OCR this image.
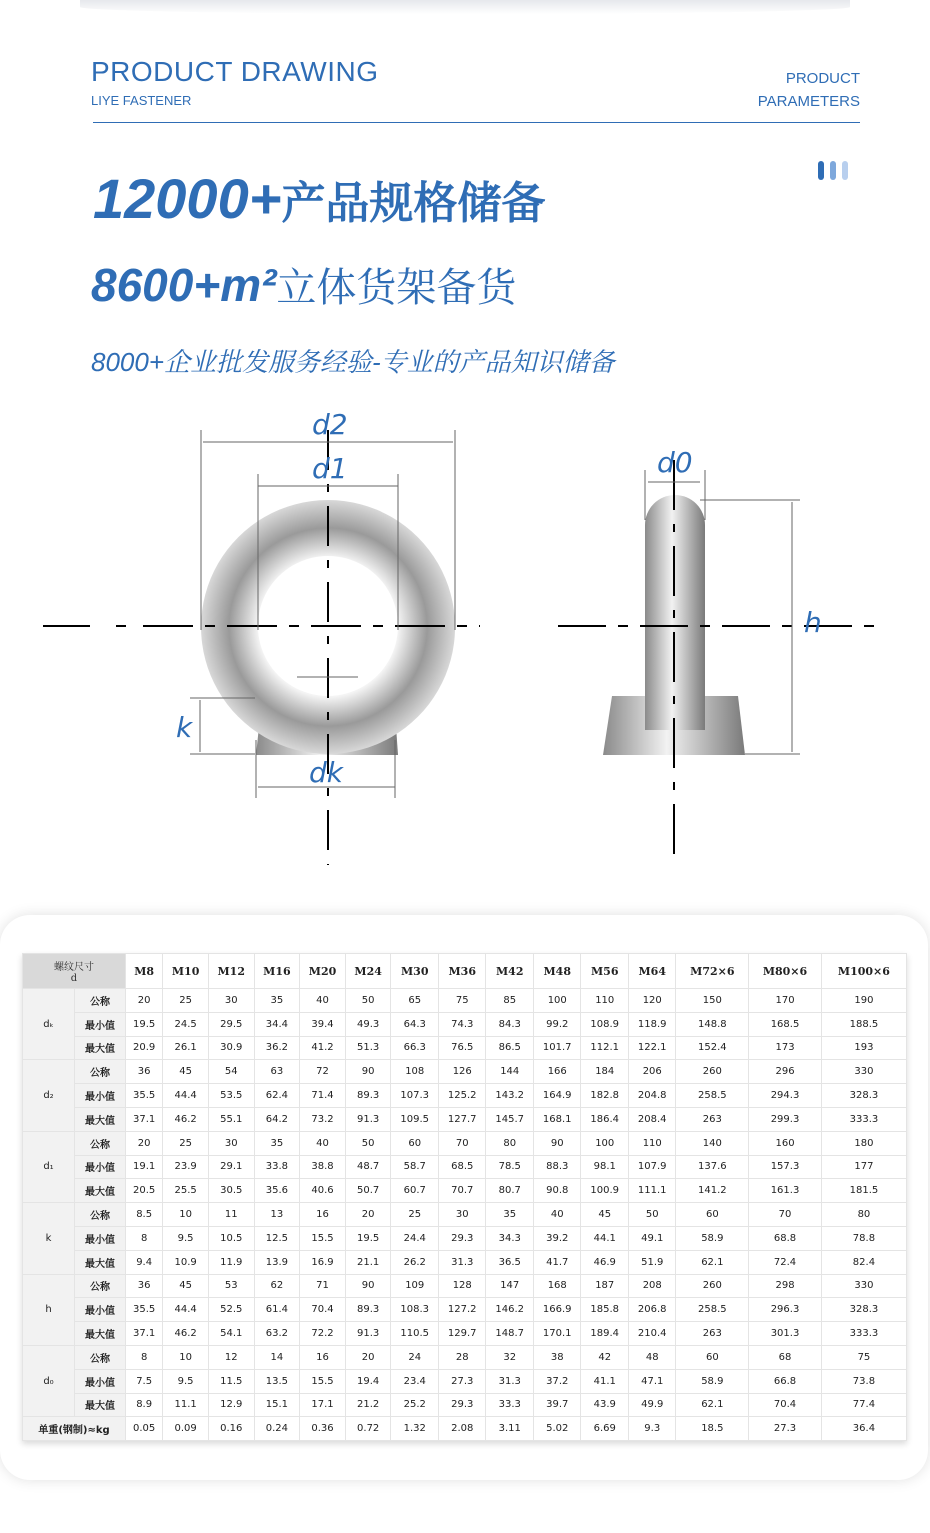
PRODUCT DRAWING
LIYE FASTENER
PRODUCT
PARAMETERS
12000+产品规格储备
8600+m²立体货架备货
8000+企业批发服务经验-专业的产品知识储备
d2
d1
k
dk
d0
h
螺纹尺寸
d		M8	M10	M12	M16	M20	M24	M30	M36	M42	M48	M56	M64	M72×6	M80×6	M100×6
dₖ	公称	20	25	30	35	40	50	65	75	85	100	110	120	150	170	190
	最小值	19.5	24.5	29.5	34.4	39.4	49.3	64.3	74.3	84.3	99.2	108.9	118.9	148.8	168.5	188.5
	最大值	20.9	26.1	30.9	36.2	41.2	51.3	66.3	76.5	86.5	101.7	112.1	122.1	152.4	173	193
d₂	公称	36	45	54	63	72	90	108	126	144	166	184	206	260	296	330
	最小值	35.5	44.4	53.5	62.4	71.4	89.3	107.3	125.2	143.2	164.9	182.8	204.8	258.5	294.3	328.3
	最大值	37.1	46.2	55.1	64.2	73.2	91.3	109.5	127.7	145.7	168.1	186.4	208.4	263	299.3	333.3
d₁	公称	20	25	30	35	40	50	60	70	80	90	100	110	140	160	180
	最小值	19.1	23.9	29.1	33.8	38.8	48.7	58.7	68.5	78.5	88.3	98.1	107.9	137.6	157.3	177
	最大值	20.5	25.5	30.5	35.6	40.6	50.7	60.7	70.7	80.7	90.8	100.9	111.1	141.2	161.3	181.5
k	公称	8.5	10	11	13	16	20	25	30	35	40	45	50	60	70	80
	最小值	8	9.5	10.5	12.5	15.5	19.5	24.4	29.3	34.3	39.2	44.1	49.1	58.9	68.8	78.8
	最大值	9.4	10.9	11.9	13.9	16.9	21.1	26.2	31.3	36.5	41.7	46.9	51.9	62.1	72.4	82.4
h	公称	36	45	53	62	71	90	109	128	147	168	187	208	260	298	330
	最小值	35.5	44.4	52.5	61.4	70.4	89.3	108.3	127.2	146.2	166.9	185.8	206.8	258.5	296.3	328.3
	最大值	37.1	46.2	54.1	63.2	72.2	91.3	110.5	129.7	148.7	170.1	189.4	210.4	263	301.3	333.3
d₀	公称	8	10	12	14	16	20	24	28	32	38	42	48	60	68	75
	最小值	7.5	9.5	11.5	13.5	15.5	19.4	23.4	27.3	31.3	37.2	41.1	47.1	58.9	66.8	73.8
	最大值	8.9	11.1	12.9	15.1	17.1	21.2	25.2	29.3	33.3	39.7	43.9	49.9	62.1	70.4	77.4
单重(钢制)≈kg		0.05	0.09	0.16	0.24	0.36	0.72	1.32	2.08	3.11	5.02	6.69	9.3	18.5	27.3	36.4
